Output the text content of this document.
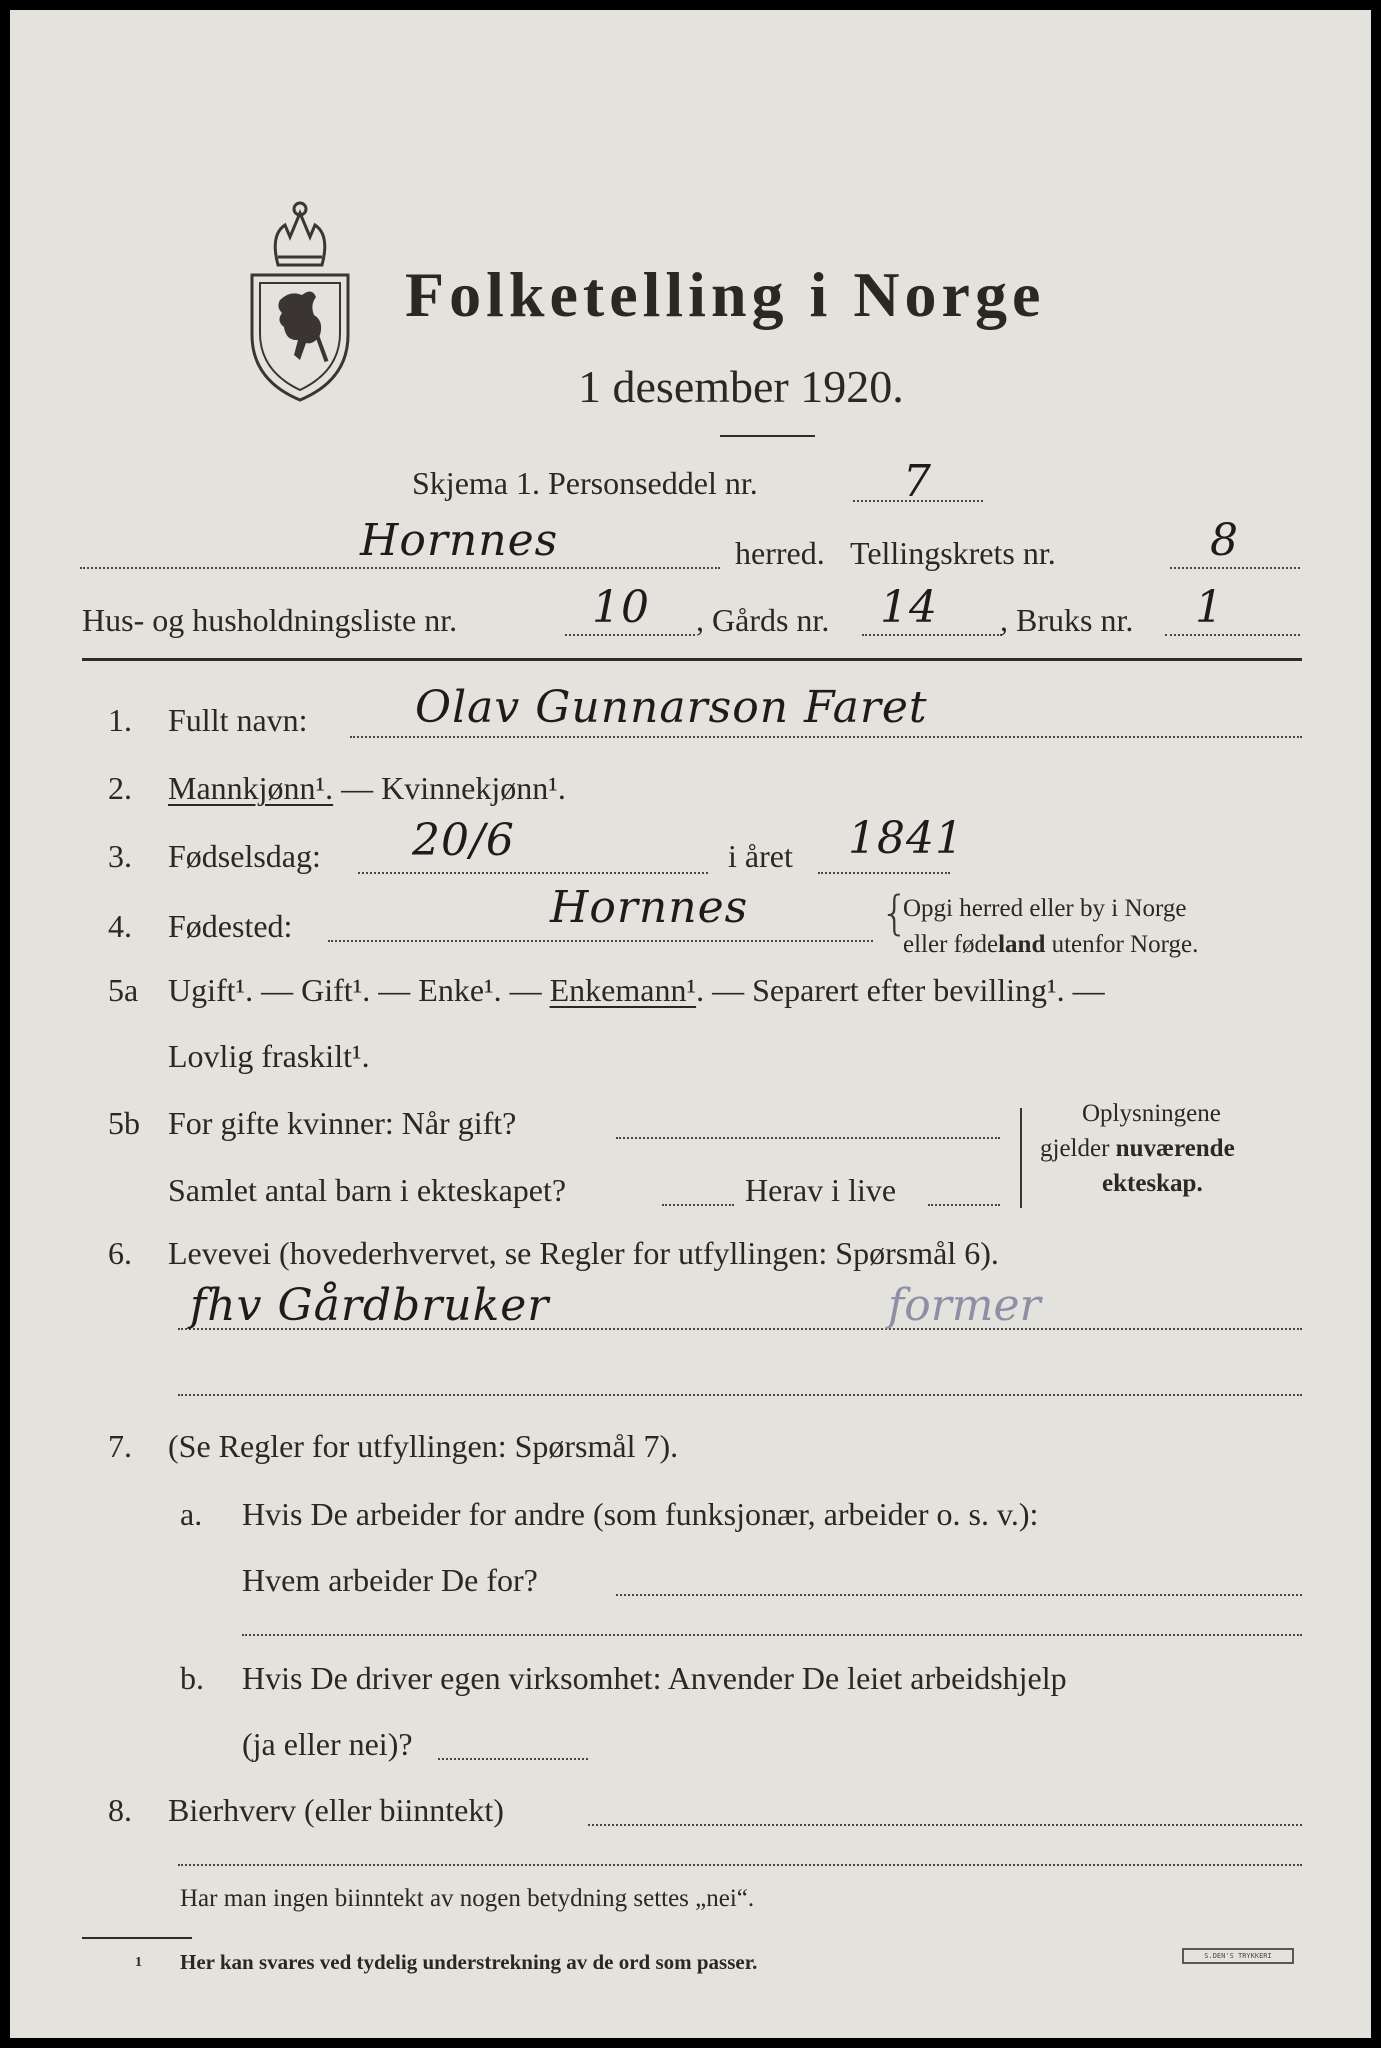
Folketelling i Norge
1 desember 1920.
Skjema 1. Personseddel nr.	7
Hornnes	herred. Tellingskrets nr.	8
Hus- og husholdningsliste nr.	10 , Gårds nr. 14 , Bruks nr. 1
1. Fullt navn: Olav Gunnarson Faret
2. Mannkjønn¹. — Kvinnekjønn¹.
3. Fødselsdag: 20/6	i året 1841
4. Fødested:	Hornnes	{
Opgi herred eller by i Norge
eller fødeland utenfor Norge.
5a Ugift¹. — Gift¹. — Enke¹. — Enkemann¹. — Separert efter bevilling¹. —
Lovlig fraskilt¹.
5b For gifte kvinner: Når gift?
Samlet antal barn i ekteskapet?	Herav i live
Oplysningene
gjelder nuværende
ekteskap.
6. Levevei (hovederhvervet, se Regler for utfyllingen: Spørsmål 6).
fhv Gårdbruker	former
7. (Se Regler for utfyllingen: Spørsmål 7).
a. Hvis De arbeider for andre (som funksjonær, arbeider o. s. v.):
Hvem arbeider De for?
b. Hvis De driver egen virksomhet: Anvender De leiet arbeidshjelp
(ja eller nei)?
8. Bierhverv (eller biinntekt)
Har man ingen biinntekt av nogen betydning settes „nei“.
1 Her kan svares ved tydelig understrekning av de ord som passer.	S.DEN'S TRYKKERI
